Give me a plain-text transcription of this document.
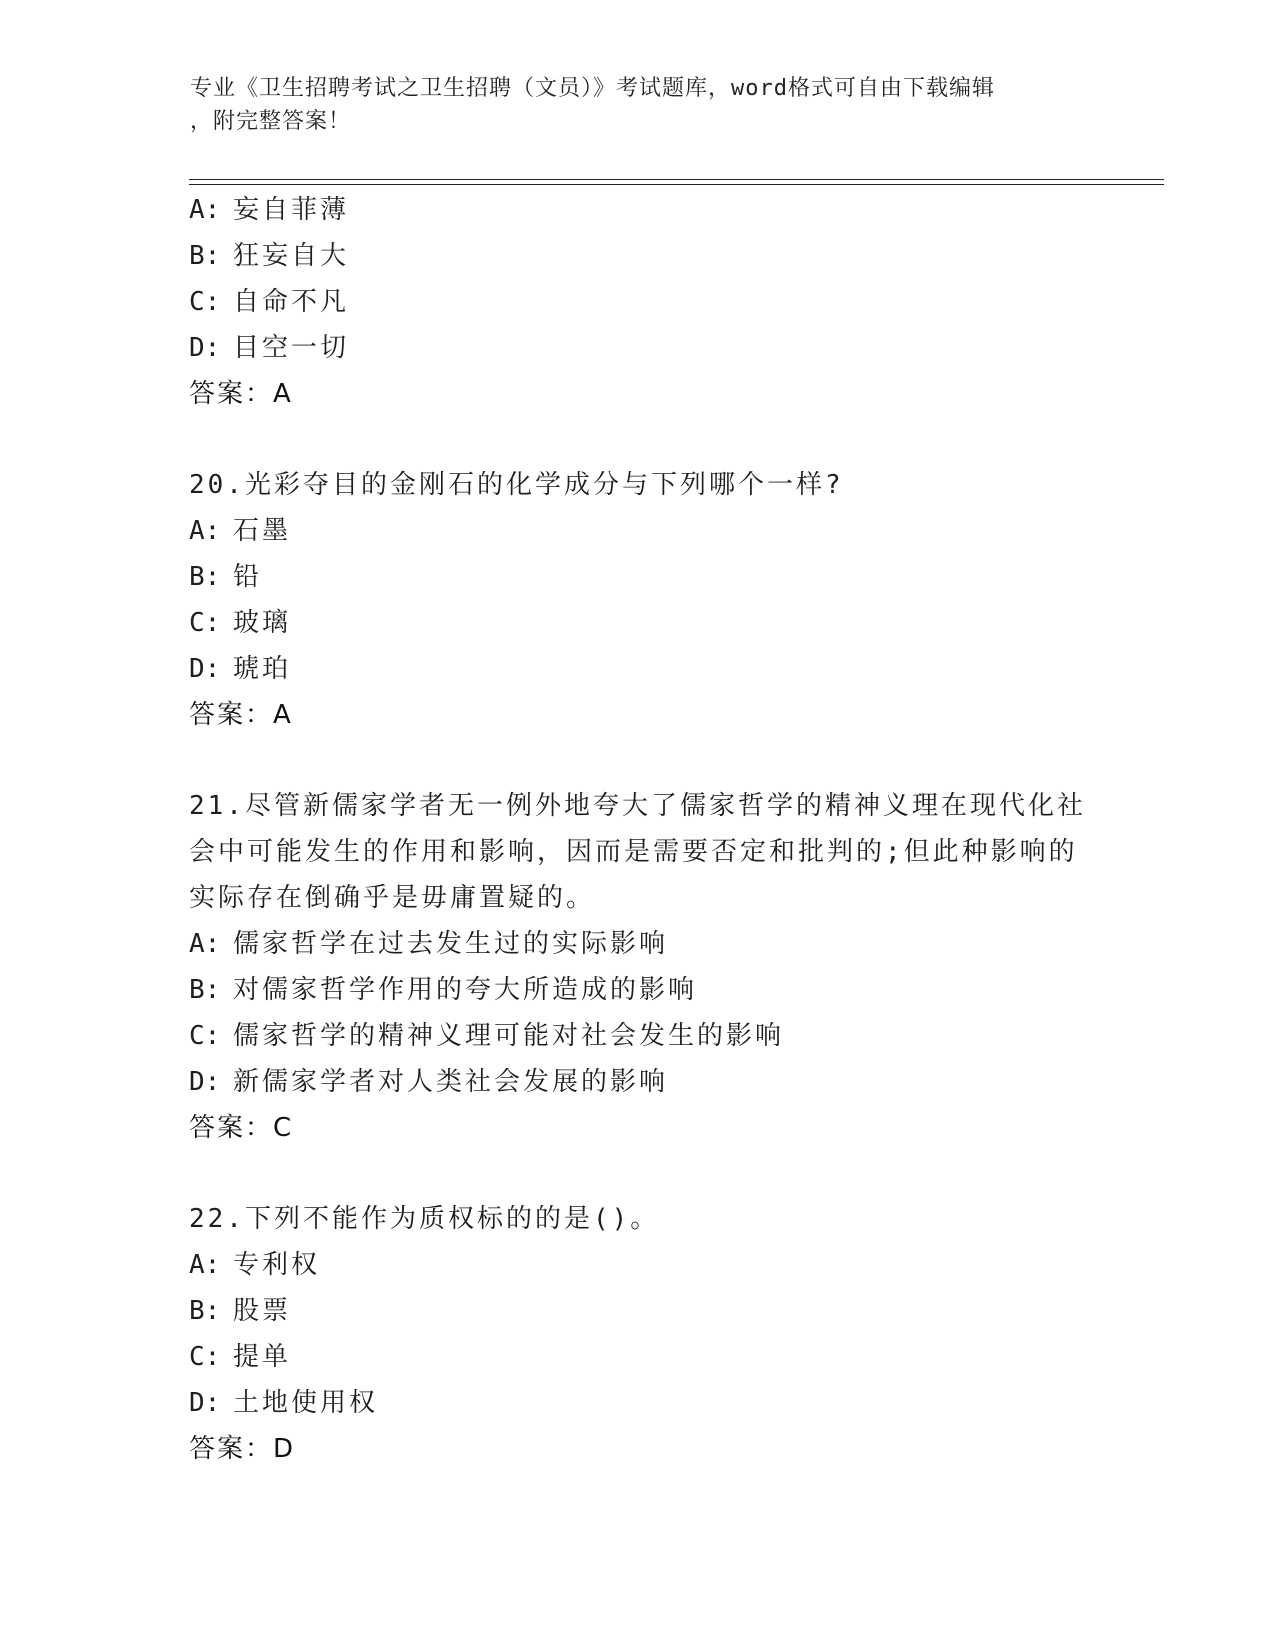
专业《卫生招聘考试之卫生招聘（文员）》考试题库，word格式可自由下载编辑
，附完整答案！
A: 妄自菲薄
B: 狂妄自大
C: 自命不凡
D: 目空一切
答案：A
20.光彩夺目的金刚石的化学成分与下列哪个一样?
A: 石墨
B: 铅
C: 玻璃
D: 琥珀
答案：A
21.尽管新儒家学者无一例外地夸大了儒家哲学的精神义理在现代化社
会中可能发生的作用和影响，因而是需要否定和批判的;但此种影响的
实际存在倒确乎是毋庸置疑的。
A: 儒家哲学在过去发生过的实际影响
B: 对儒家哲学作用的夸大所造成的影响
C: 儒家哲学的精神义理可能对社会发生的影响
D: 新儒家学者对人类社会发展的影响
答案：C
22.下列不能作为质权标的的是()。
A: 专利权
B: 股票
C: 提单
D: 土地使用权
答案：D
